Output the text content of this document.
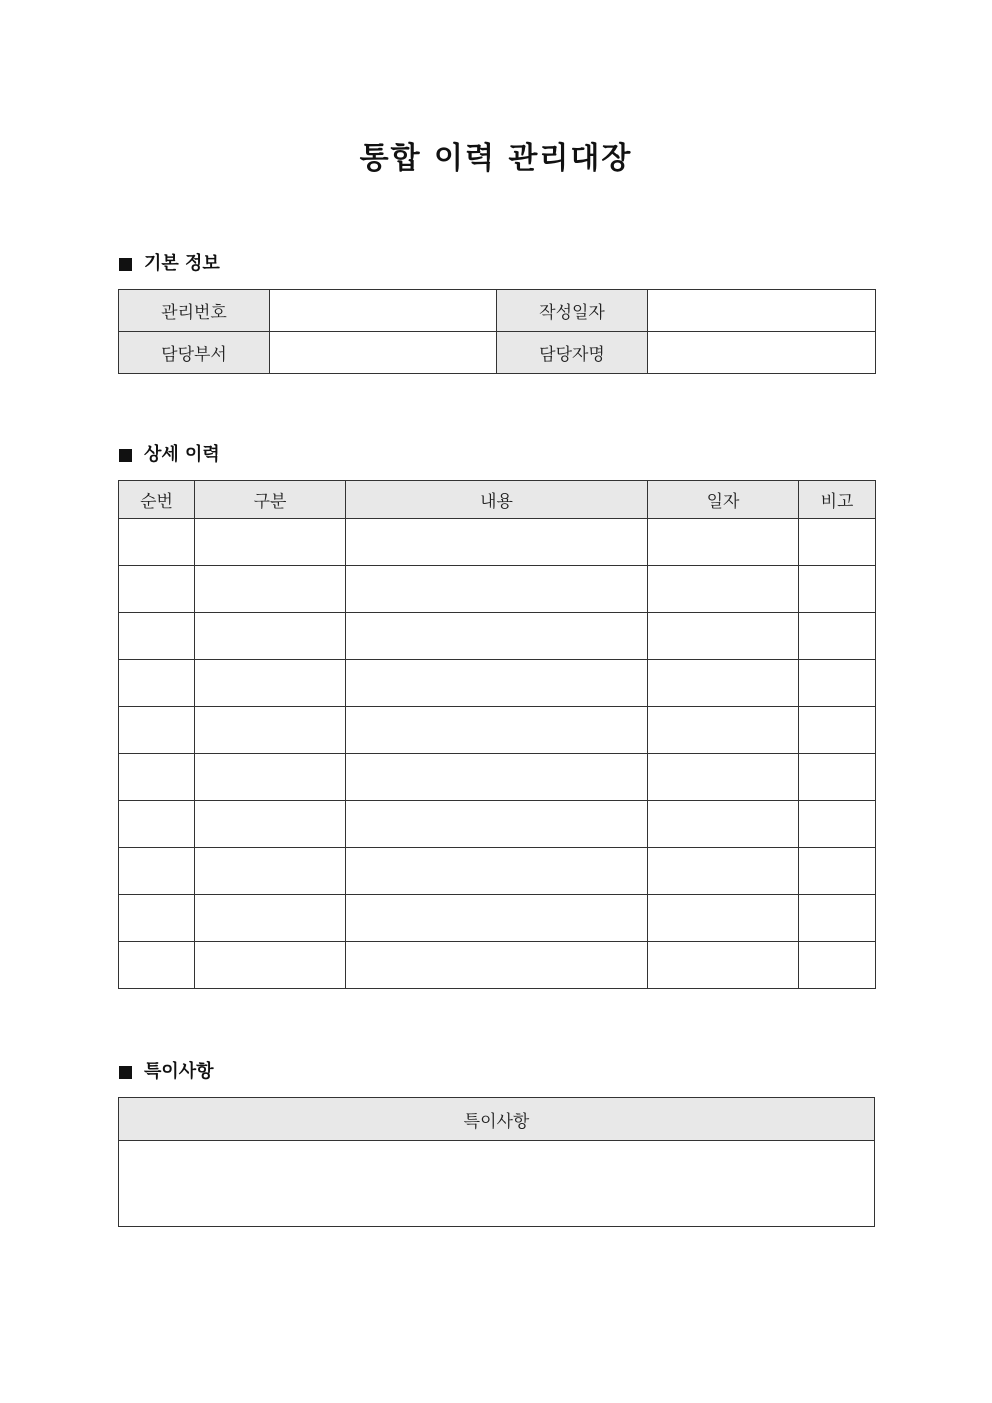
통합 이력 관리대장
기본 정보
관리번호		작성일자	
담당부서		담당자명	
상세 이력
순번	구분	내용	일자	비고

특이사항
특이사항
